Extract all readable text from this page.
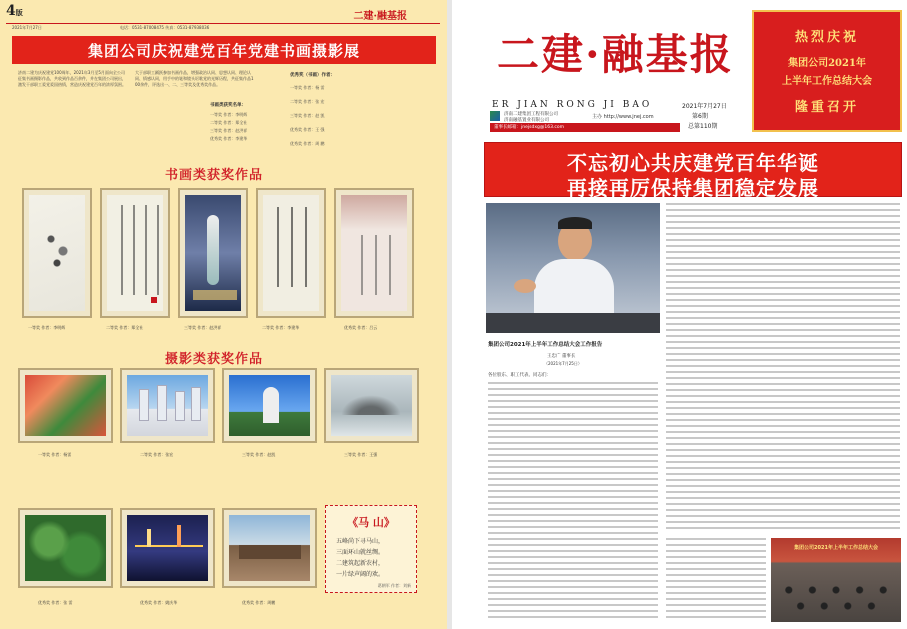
4版	二建·融基报
2021年7月27日	电话：0531-87008475 传真：0531-87938036
集团公司庆祝建党百年党建书画摄影展
济南二建为庆祝建党100周年，2021年3月至5月面向全公司征集书画摄影作品，共收到作品百余件，并在集团公司展出，激发干部职工爱党爱国热情，营造庆祝建党百年的浓厚氛围。
大于部职工踊跃参加书画作品，增强政治认同、思想认同、理论认同、情感认同，用手中的笔和镜头讴歌党的光辉历程，共征集作品100余件，评选出一、二、三等奖及优秀奖作品。
书画类获奖名单：
一等奖 作者：李明辉
二等奖 作者：郑全社
三等奖 作者：赵洪祥
优秀奖 作者：李建华
优秀奖（书画）作者：
一等奖 作者：杨 雷
二等奖 作者：张 宏
三等奖 作者：赵 凯
优秀奖 作者：王 强
优秀奖 作者：周 鹏
书画类获奖作品
一等奖 作者：李明辉	二等奖 作者：郑全社	三等奖 作者：赵洪祥	二等奖 作者：李建华	优秀奖 作者：吕云
摄影类获奖作品
一等奖 作者：杨雷	二等奖 作者：张宏	三等奖 作者：赵凯	三等奖 作者：王强
《马 山》
五峰尚下寻马山，
三面环山就丝绸。
二建筑起新农村，
一片绿声阔的欢。
葛朝军 作者：刘新
优秀奖 作者：张 雷	优秀奖 作者：姚庆华	优秀奖 作者：周鹏
二建·融基报
ER JIAN RONG JI BAO
济南二建集团工程有限公司
济南融基置业有限公司
主办 http://www.jnej.com
董事长邮箱：jnejsdxg@163.com
2021年7月27日
第6期
总第110期
热烈庆祝
集团公司2021年
上半年工作总结大会
隆重召开
不忘初心共庆建党百年华诞
再接再厉保持集团稳定发展
集团公司2021年上半年工作总结大会工作报告
王忠广 董事长
（2021年7月25日）
各位股东、职工代表、同志们：
集团公司2021年上半年工作总结大会
